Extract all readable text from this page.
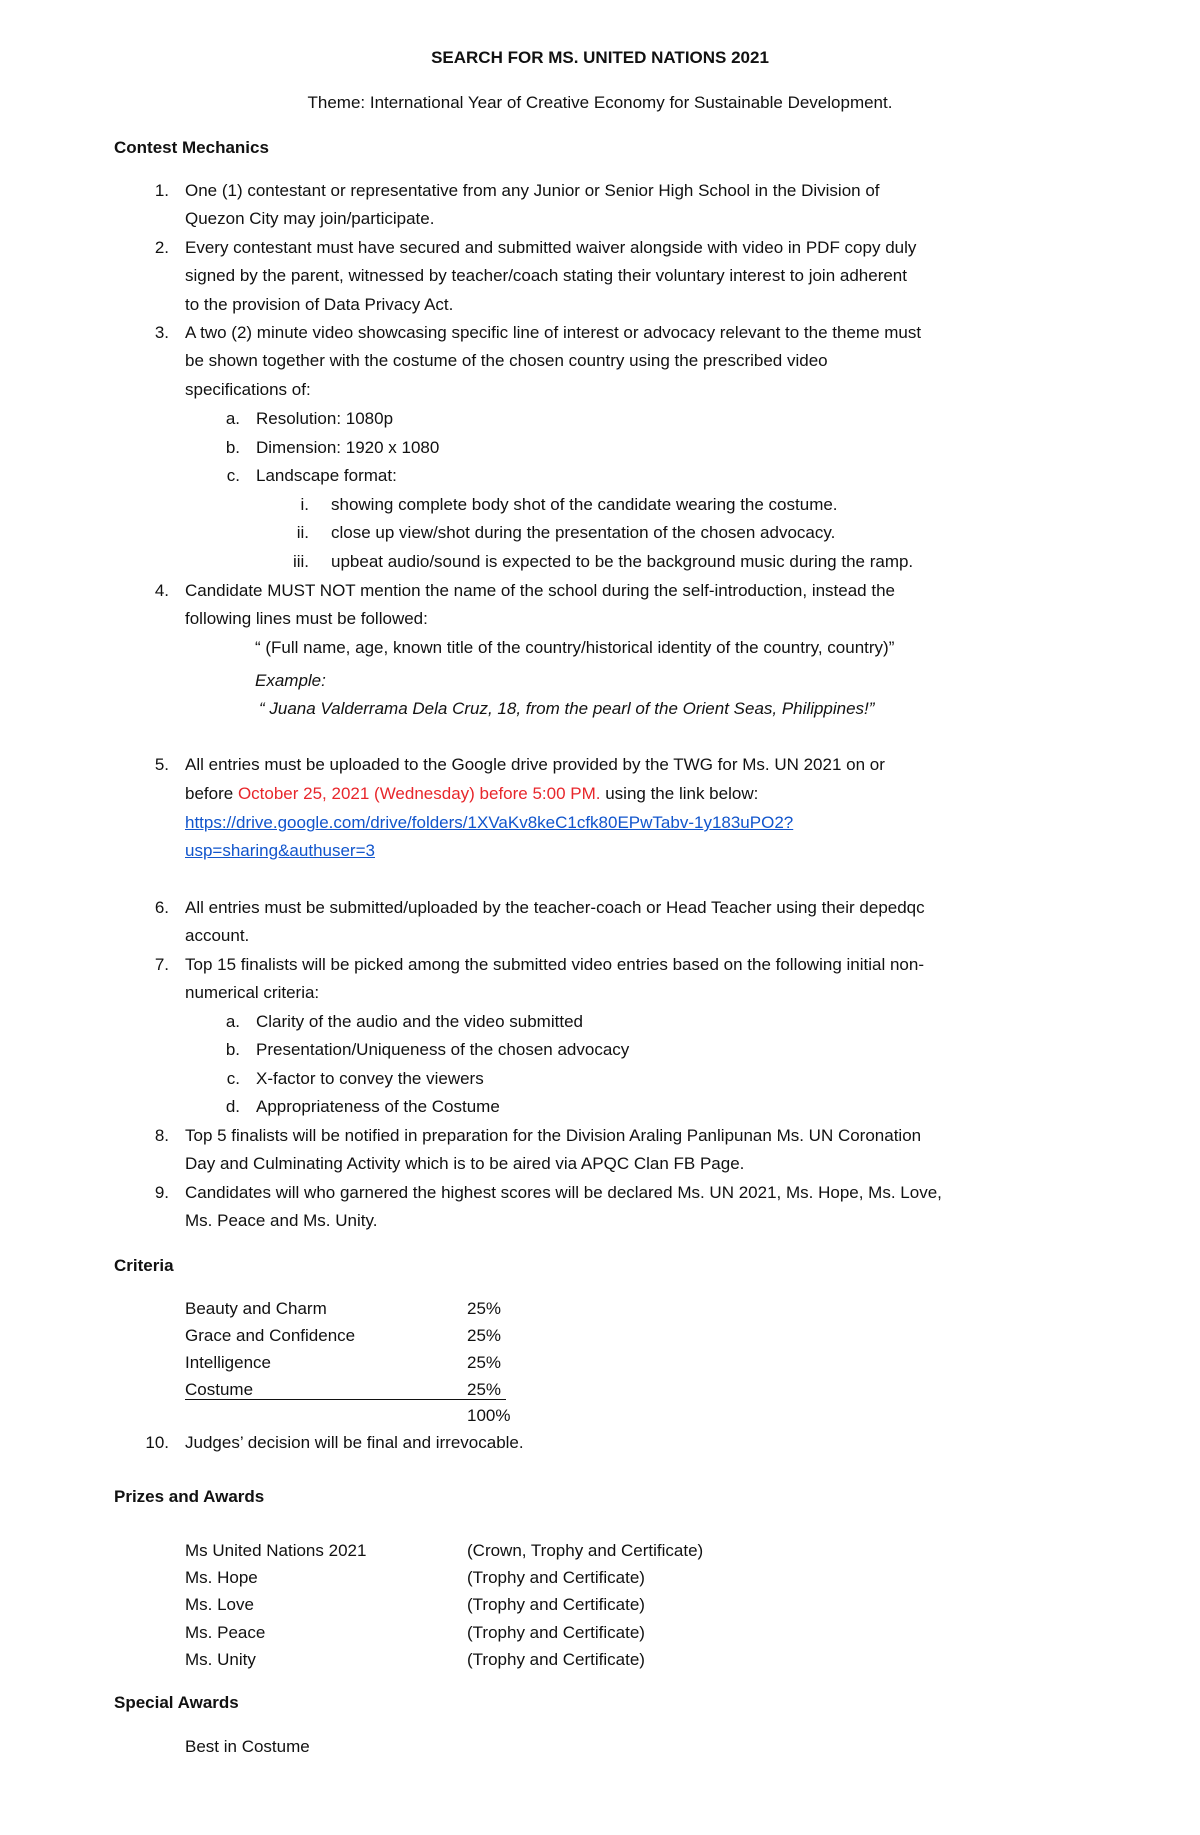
SEARCH FOR MS. UNITED NATIONS 2021
Theme: International Year of Creative Economy for Sustainable Development.
Contest Mechanics
1. One (1) contestant or representative from any Junior or Senior High School in the Division of
Quezon City may join/participate.
2. Every contestant must have secured and submitted waiver alongside with video in PDF copy duly
signed by the parent, witnessed by teacher/coach stating their voluntary interest to join adherent
to the provision of Data Privacy Act.
3. A two (2) minute video showcasing specific line of interest or advocacy relevant to the theme must
be shown together with the costume of the chosen country using the prescribed video
specifications of:
a. Resolution: 1080p
b. Dimension: 1920 x 1080
c. Landscape format:
i. showing complete body shot of the candidate wearing the costume.
ii. close up view/shot during the presentation of the chosen advocacy.
iii. upbeat audio/sound is expected to be the background music during the ramp.
4. Candidate MUST NOT mention the name of the school during the self-introduction, instead the
following lines must be followed:
“ (Full name, age, known title of the country/historical identity of the country, country)”
Example:
“ Juana Valderrama Dela Cruz, 18, from the pearl of the Orient Seas, Philippines!”
5. All entries must be uploaded to the Google drive provided by the TWG for Ms. UN 2021 on or
before October 25, 2021 (Wednesday) before 5:00 PM. using the link below:
https://drive.google.com/drive/folders/1XVaKv8keC1cfk80EPwTabv-1y183uPO2?
usp=sharing&authuser=3
6. All entries must be submitted/uploaded by the teacher-coach or Head Teacher using their depedqc
account.
7. Top 15 finalists will be picked among the submitted video entries based on the following initial non-
numerical criteria:
a. Clarity of the audio and the video submitted
b. Presentation/Uniqueness of the chosen advocacy
c. X-factor to convey the viewers
d. Appropriateness of the Costume
8. Top 5 finalists will be notified in preparation for the Division Araling Panlipunan Ms. UN Coronation
Day and Culminating Activity which is to be aired via APQC Clan FB Page.
9. Candidates will who garnered the highest scores will be declared Ms. UN 2021, Ms. Hope, Ms. Love,
Ms. Peace and Ms. Unity.
Criteria
Beauty and Charm	25%
Grace and Confidence	25%
Intelligence	25%
Costume	25%
100%
10. Judges’ decision will be final and irrevocable.
Prizes and Awards
Ms United Nations 2021	(Crown, Trophy and Certificate)
Ms. Hope	(Trophy and Certificate)
Ms. Love	(Trophy and Certificate)
Ms. Peace	(Trophy and Certificate)
Ms. Unity	(Trophy and Certificate)
Special Awards
Best in Costume
